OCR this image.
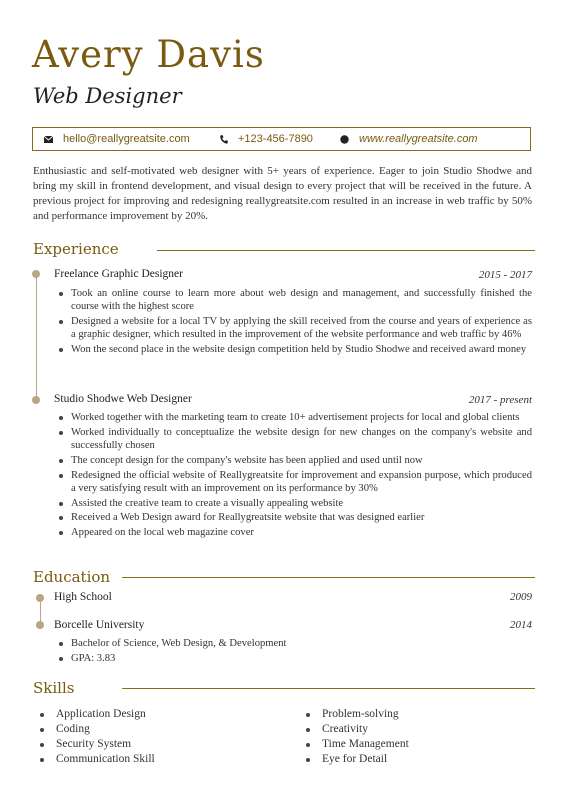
Avery Davis
Web Designer
hello@reallygreatsite.com	+123-456-7890	www.reallygreatsite.com
Enthusiastic and self-motivated web designer with 5+ years of experience. Eager to join Studio Shodwe and bring my skill in frontend development, and visual design to every project that will be received in the future. A previous project for improving and redesigning reallygreatsite.com resulted in an increase in web traffic by 50% and performance improvement by 20%.
Experience
Freelance Graphic Designer	2015 - 2017
Took an online course to learn more about web design and management, and successfully finished the course with the highest score
Designed a website for a local TV by applying the skill received from the course and years of experience as a graphic designer, which resulted in the improvement of the website performance and web traffic by 46%
Won the second place in the website design competition held by Studio Shodwe and received award money
Studio Shodwe Web Designer	2017 - present
Worked together with the marketing team to create 10+ advertisement projects for local and global clients
Worked individually to conceptualize the website design for new changes on the company's website and successfully chosen
The concept design for the company's website has been applied and used until now
Redesigned the official website of Reallygreatsite for improvement and expansion purpose, which produced a very satisfying result with an improvement on its performance by 30%
Assisted the creative team to create a visually appealing website
Received a Web Design award for Reallygreatsite website that was designed earlier
Appeared on the local web magazine cover
Education
High School	2009
Borcelle University	2014
Bachelor of Science, Web Design, & Development
GPA: 3.83
Skills
Application Design
Coding
Security System
Communication Skill
Problem-solving
Creativity
Time Management
Eye for Detail
